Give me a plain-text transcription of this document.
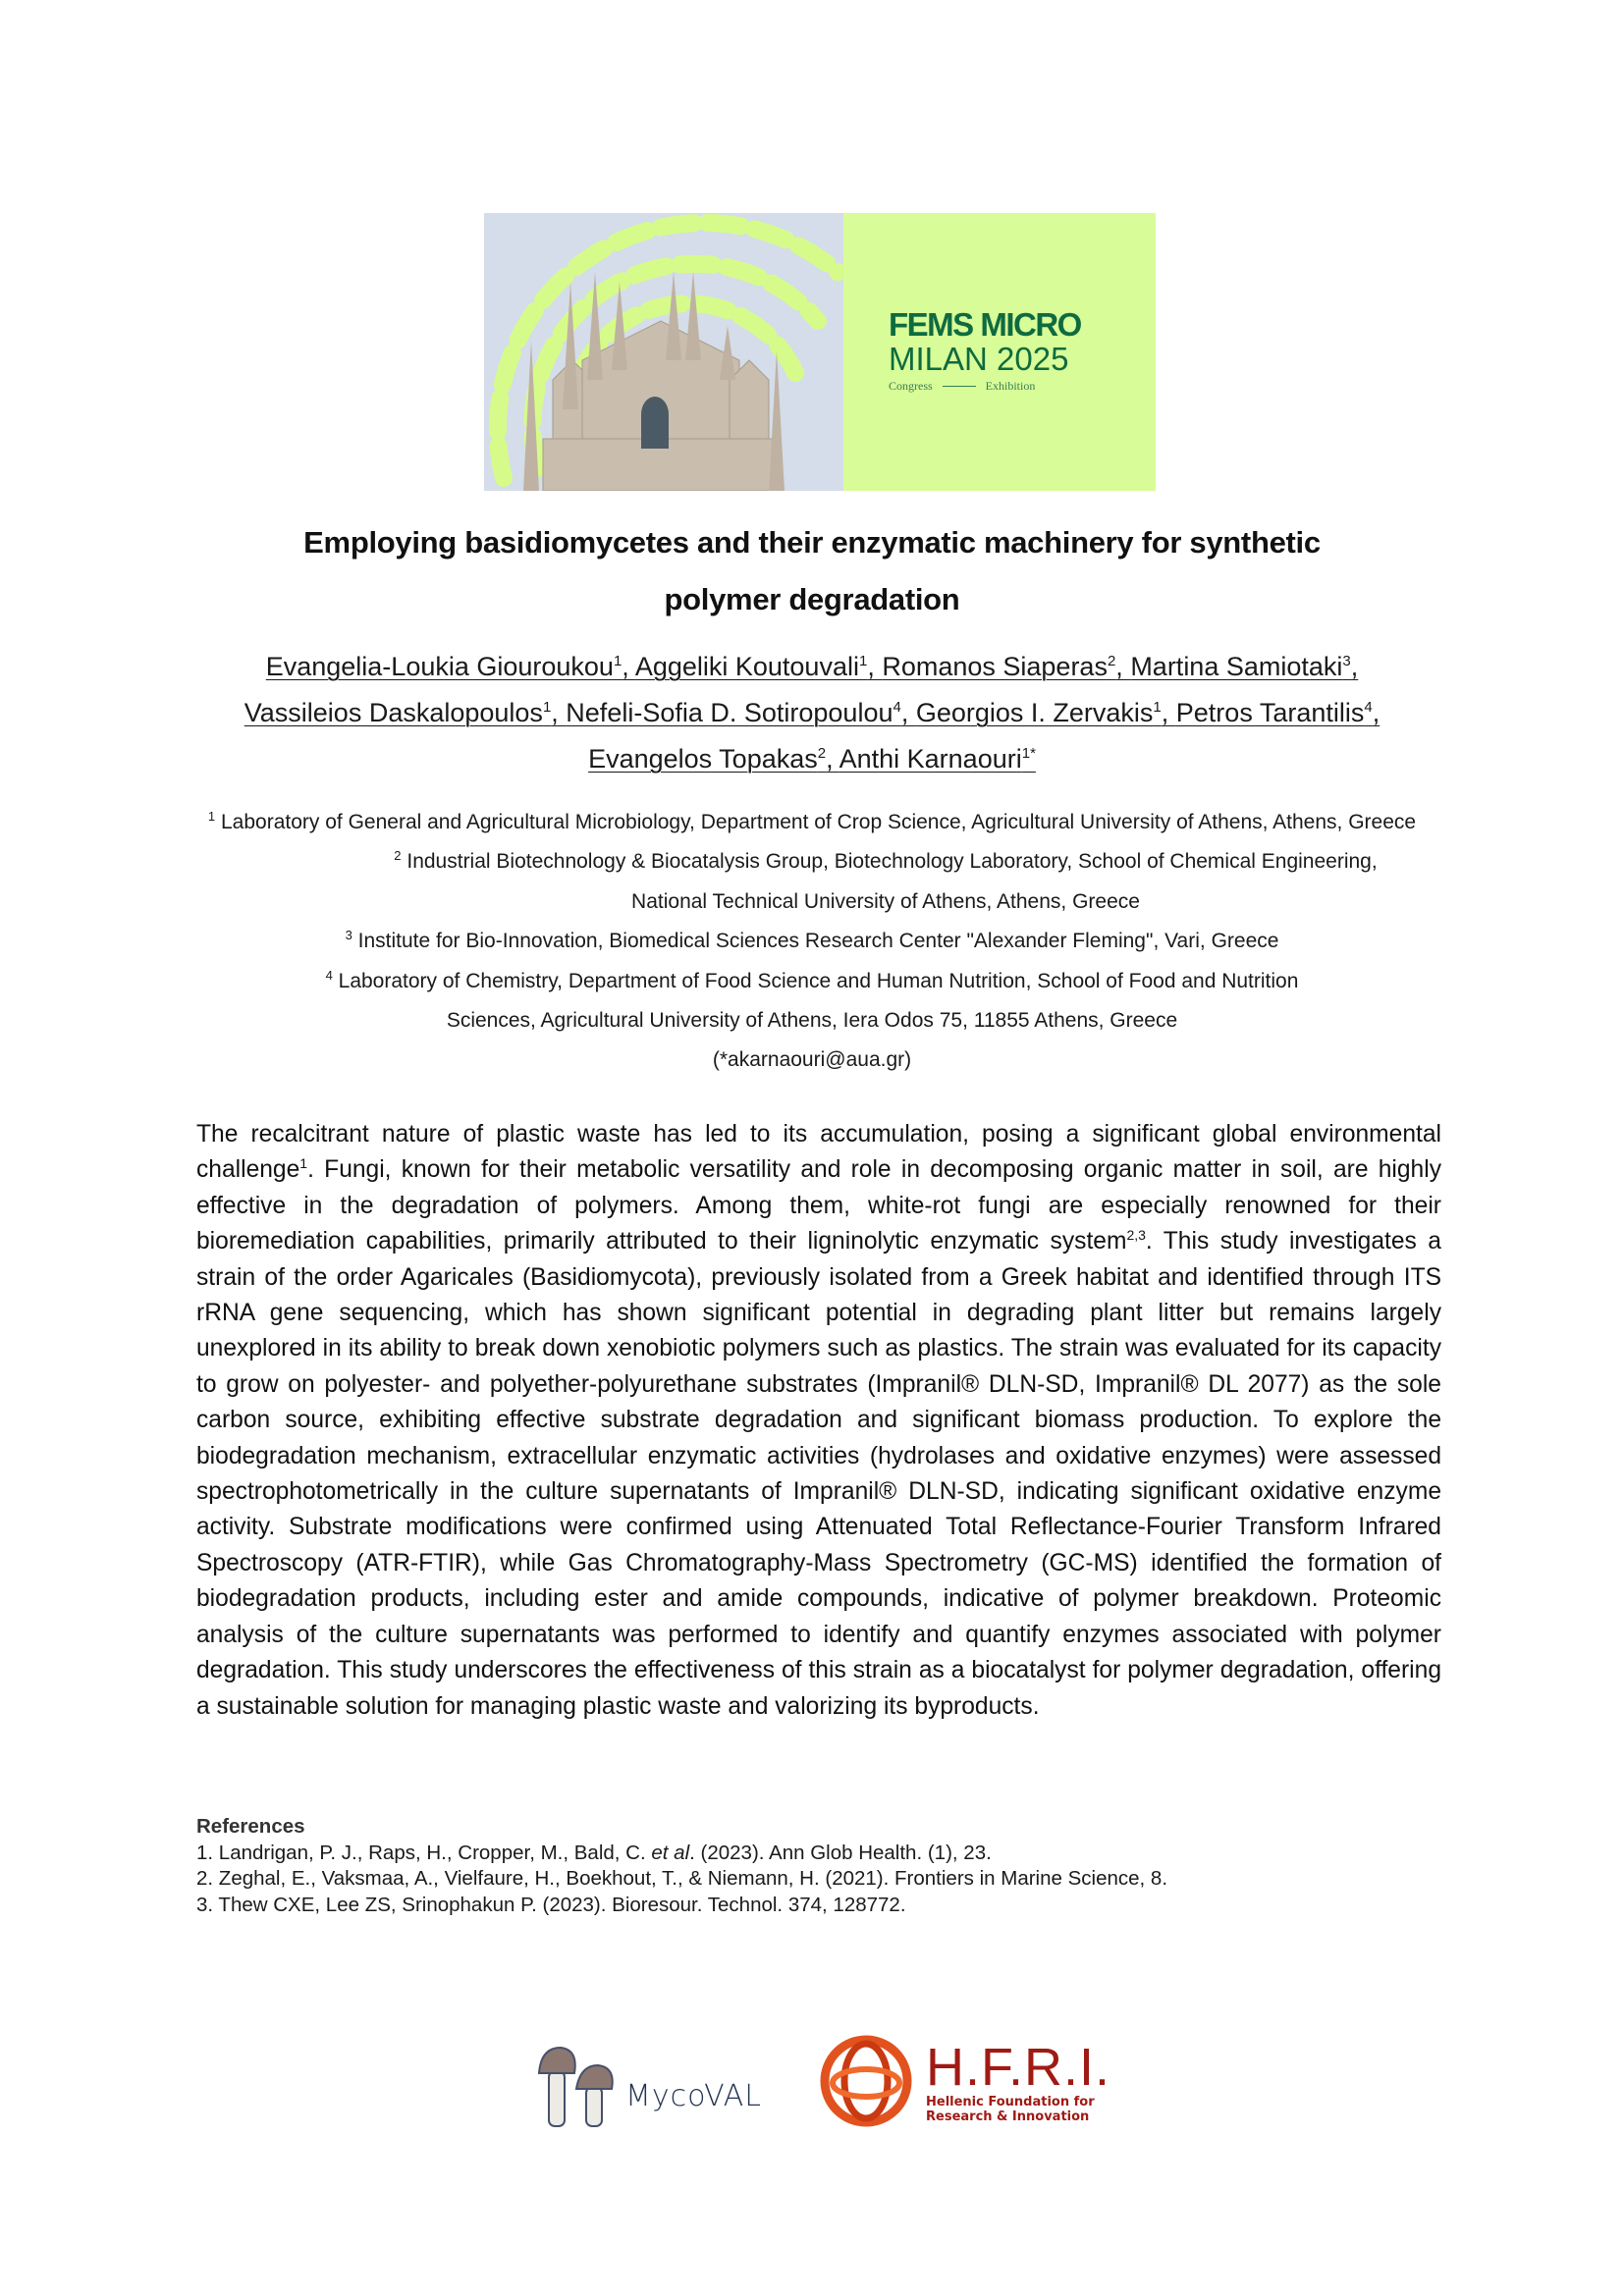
FEMS MICRO
MILAN 2025
Congress	Exhibition
Employing basidiomycetes and their enzymatic machinery for synthetic
polymer degradation
Evangelia-Loukia Giouroukou$^1$, Aggeliki Koutouvali$^1$, Romanos Siaperas$^2$, Martina Samiotaki$^3$,
Vassileios Daskalopoulos$^1$, Nefeli-Sofia D. Sotiropoulou$^4$, Georgios I. Zervakis$^1$, Petros Tarantilis$^4$, Evangelos Topakas$^2$, Anthi Karnaouri$^{1*}$
$^1$ Laboratory of General and Agricultural Microbiology, Department of Crop Science, Agricultural University of Athens, Athens, Greece
$^2$ Industrial Biotechnology & Biocatalysis Group, Biotechnology Laboratory, School of Chemical Engineering, National Technical University of Athens, Athens, Greece
$^3$ Institute for Bio-Innovation, Biomedical Sciences Research Center "Alexander Fleming", Vari, Greece
$^4$ Laboratory of Chemistry, Department of Food Science and Human Nutrition, School of Food and Nutrition Sciences, Agricultural University of Athens, Iera Odos 75, 11855 Athens, Greece
(*akarnaouri@aua.gr)

The recalcitrant nature of plastic waste has led to its accumulation, posing a significant global environmental challenge$^1$. Fungi, known for their metabolic versatility and role in decomposing organic matter in soil, are highly effective in the degradation of polymers. Among them, white-rot fungi are especially renowned for their bioremediation capabilities, primarily attributed to their ligninolytic enzymatic system$^{2,3}$. This study investigates a strain of the order Agaricales (Basidiomycota), previously isolated from a Greek habitat and identified through ITS rRNA gene sequencing, which has shown significant potential in degrading plant litter but remains largely unexplored in its ability to break down xenobiotic polymers such as plastics. The strain was evaluated for its capacity to grow on polyester- and polyether-polyurethane substrates (Impranil® DLN-SD, Impranil® DL 2077) as the sole carbon source, exhibiting effective substrate degradation and significant biomass production. To explore the biodegradation mechanism, extracellular enzymatic activities (hydrolases and oxidative enzymes) were assessed spectrophotometrically in the culture supernatants of Impranil® DLN-SD, indicating significant oxidative enzyme activity. Substrate modifications were confirmed using Attenuated Total Reflectance-Fourier Transform Infrared Spectroscopy (ATR-FTIR), while Gas Chromatography-Mass Spectrometry (GC-MS) identified the formation of biodegradation products, including ester and amide compounds, indicative of polymer breakdown. Proteomic analysis of the culture supernatants was performed to identify and quantify enzymes associated with polymer degradation. This study underscores the effectiveness of this strain as a biocatalyst for polymer degradation, offering a sustainable solution for managing plastic waste and valorizing its byproducts.

References
1. Landrigan, P. J., Raps, H., Cropper, M., Bald, C. et al. (2023). Ann Glob Health. (1), 23.
2. Zeghal, E., Vaksmaa, A., Vielfaure, H., Boekhout, T., & Niemann, H. (2021). Frontiers in Marine Science, 8.
3. Thew CXE, Lee ZS, Srinophakun P. (2023). Bioresour. Technol. 374, 128772.
MycoVAL	H.F.R.I.
Hellenic Foundation for
Research & Innovation
